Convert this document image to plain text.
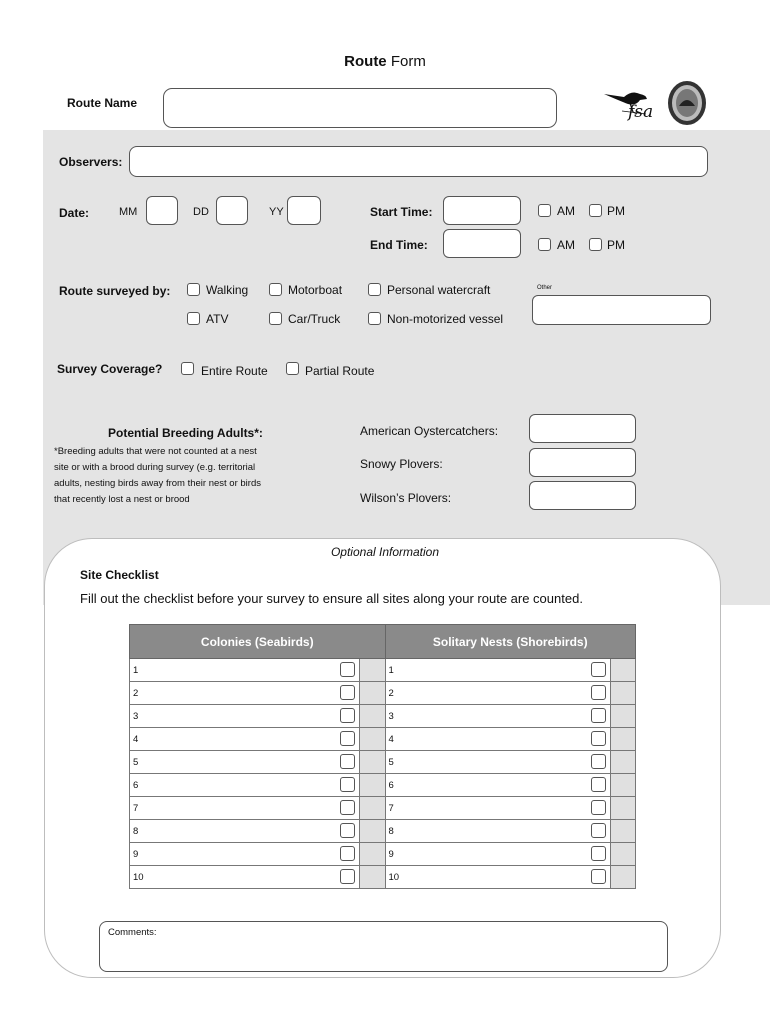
Route Form
Route Name	fsa
Observers:
Date:	MM	DD	YY	Start Time:	AM	PM
End Time:	AM	PM
Route surveyed by:	Walking	Motorboat	Personal watercraft	Other
ATV	Car/Truck	Non-motorized vessel
Survey Coverage?	Entire Route	Partial Route
Potential Breeding Adults*:
*Breeding adults that were not counted at a nest
site or with a brood during survey (e.g. territorial
adults, nesting birds away from their nest or birds
that recently lost a nest or brood
American Oystercatchers:
Snowy Plovers:
Wilson’s Plovers:
Optional Information
Site Checklist
Fill out the checklist before your survey to ensure all sites along your route are counted.
Colonies (Seabirds)		Solitary Nests (Shorebirds)	
1		1

2		2

3		3

4		4

5		5

6		6

7		7

8		8

9		9

10		10

Comments:
